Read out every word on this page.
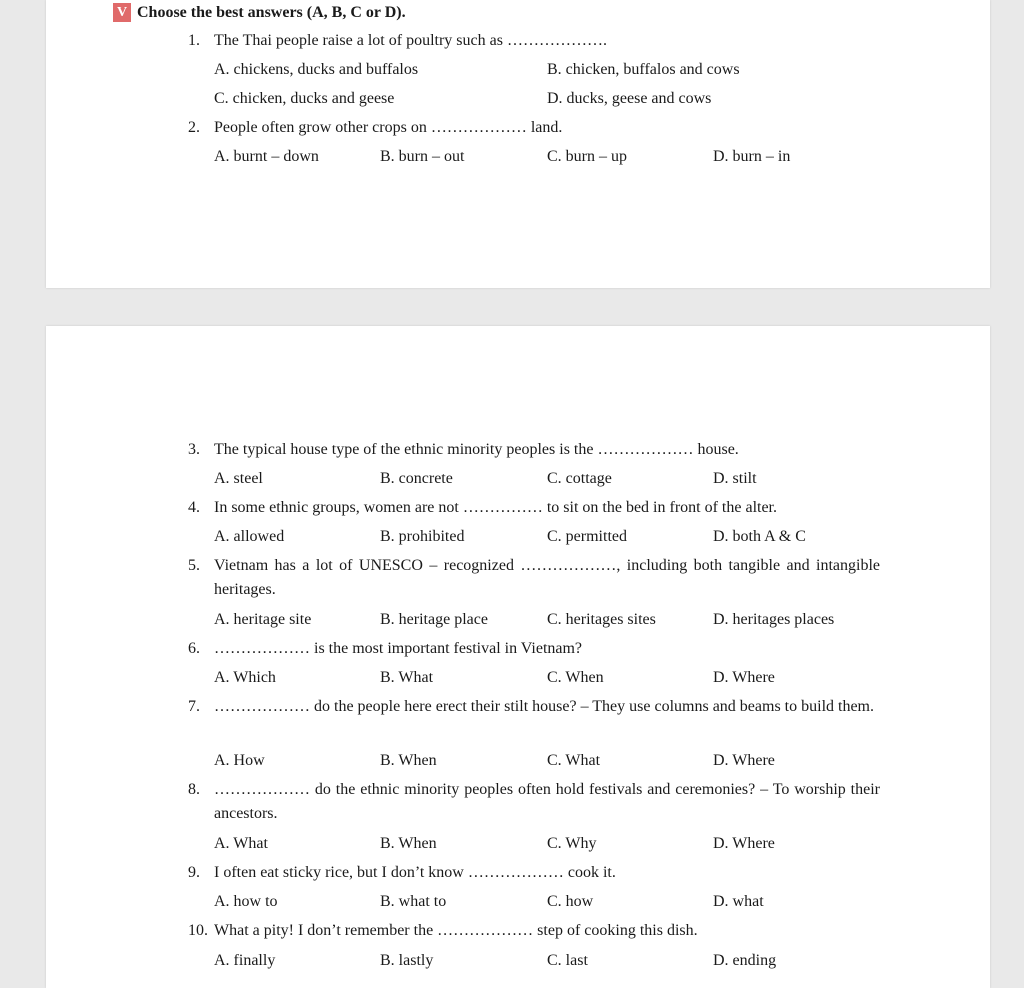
V Choose the best answers (A, B, C or D).
1. The Thai people raise a lot of poultry such as ……………….
A. chickens, ducks and buffalos	B. chicken, buffalos and cows
C. chicken, ducks and geese	D. ducks, geese and cows
2. People often grow other crops on ……………… land.
A. burnt – down	B. burn – out	C. burn – up	D. burn – in
3. The typical house type of the ethnic minority peoples is the ……………… house.
A. steel	B. concrete	C. cottage	D. stilt
4. In some ethnic groups, women are not …………… to sit on the bed in front of the alter.
A. allowed	B. prohibited	C. permitted	D. both A & C
5. Vietnam has a lot of UNESCO – recognized ………………, including both tangible and intangible heritages.
A. heritage site	B. heritage place	C. heritages sites	D. heritages places
6. ……………… is the most important festival in Vietnam?
A. Which	B. What	C. When	D. Where
7. ……………… do the people here erect their stilt house? – They use columns and beams to build them.
A. How	B. When	C. What	D. Where
8. ……………… do the ethnic minority peoples often hold festivals and ceremonies? – To worship their ancestors.
A. What	B. When	C. Why	D. Where
9. I often eat sticky rice, but I don’t know ……………… cook it.
A. how to	B. what to	C. how	D. what
10. What a pity! I don’t remember the ……………… step of cooking this dish.
A. finally	B. lastly	C. last	D. ending
